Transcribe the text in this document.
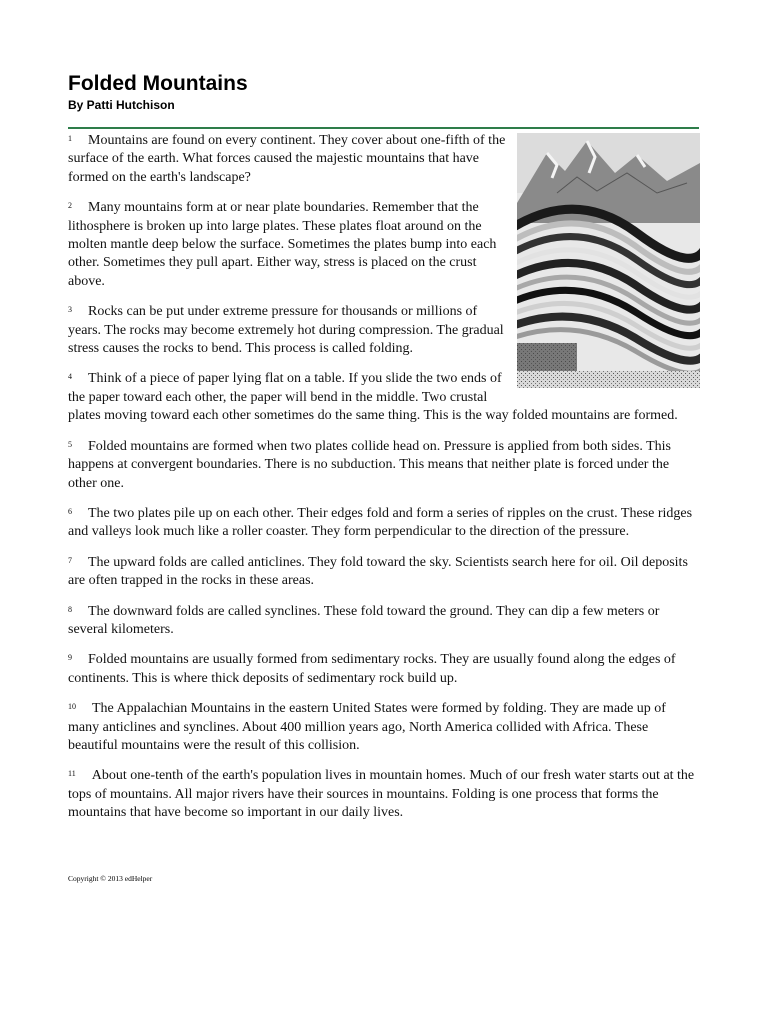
Folded Mountains
By Patti Hutchison

$^1$ Mountains are found on every continent. They cover about one-fifth of the surface of the earth. What forces caused the majestic mountains that have formed on the earth's landscape?

$^2$ Many mountains form at or near plate boundaries. Remember that the lithosphere is broken up into large plates. These plates float around on the molten mantle deep below the surface. Sometimes the plates bump into each other. Sometimes they pull apart. Either way, stress is placed on the crust above.

$^3$ Rocks can be put under extreme pressure for thousands or millions of years. The rocks may become extremely hot during compression. The gradual stress causes the rocks to bend. This process is called folding.

$^4$ Think of a piece of paper lying flat on a table. If you slide the two ends of the paper toward each other, the paper will bend in the middle. Two crustal plates moving toward each other sometimes do the same thing. This is the way folded mountains are formed.

$^5$ Folded mountains are formed when two plates collide head on. Pressure is applied from both sides. This happens at convergent boundaries. There is no subduction. This means that neither plate is forced under the other one.

$^6$ The two plates pile up on each other. Their edges fold and form a series of ripples on the crust. These ridges and valleys look much like a roller coaster. They form perpendicular to the direction of the pressure.

$^7$ The upward folds are called anticlines. They fold toward the sky. Scientists search here for oil. Oil deposits are often trapped in the rocks in these areas.

$^8$ The downward folds are called synclines. These fold toward the ground. They can dip a few meters or several kilometers.

$^9$ Folded mountains are usually formed from sedimentary rocks. They are usually found along the edges of continents. This is where thick deposits of sedimentary rock build up.

$^{10}$ The Appalachian Mountains in the eastern United States were formed by folding. They are made up of many anticlines and synclines. About 400 million years ago, North America collided with Africa. These beautiful mountains were the result of this collision.

$^{11}$ About one-tenth of the earth's population lives in mountain homes. Much of our fresh water starts out at the tops of mountains. All major rivers have their sources in mountains. Folding is one process that forms the mountains that have become so important in our daily lives.

Copyright © 2013 edHelper
